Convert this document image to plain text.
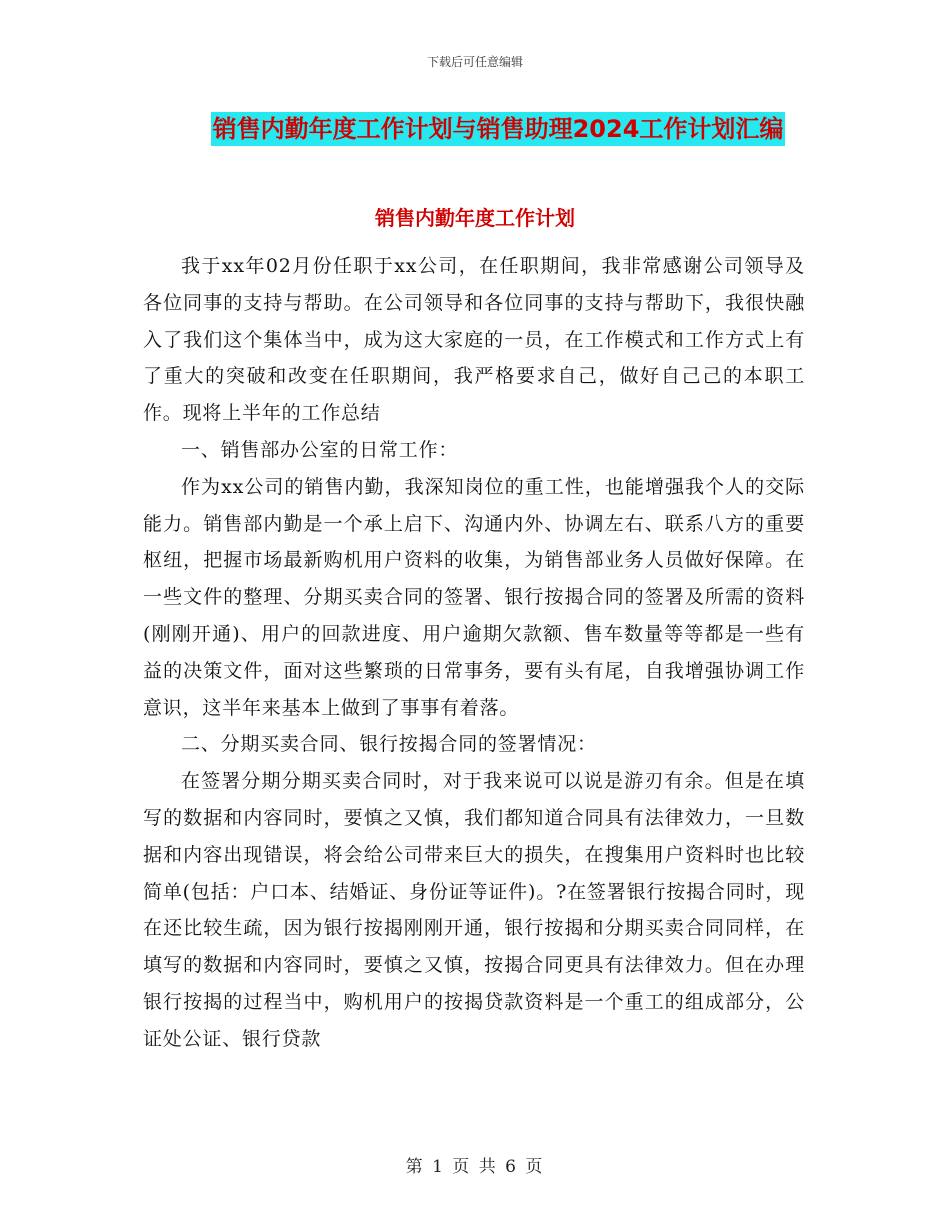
下载后可任意编辑
销售内勤年度工作计划与销售助理2024工作计划汇编
销售内勤年度工作计划

我于xx年02月份任职于xx公司，在任职期间，我非常感谢公司领导及各位同事的支持与帮助。在公司领导和各位同事的支持与帮助下，我很快融入了我们这个集体当中，成为这大家庭的一员，在工作模式和工作方式上有了重大的突破和改变在任职期间，我严格要求自己，做好自己己的本职工作。现将上半年的工作总结

一、销售部办公室的日常工作：

作为xx公司的销售内勤，我深知岗位的重工性，也能增强我个人的交际能力。销售部内勤是一个承上启下、沟通内外、协调左右、联系八方的重要枢纽，把握市场最新购机用户资料的收集，为销售部业务人员做好保障。在一些文件的整理、分期买卖合同的签署、银行按揭合同的签署及所需的资料(刚刚开通)、用户的回款进度、用户逾期欠款额、售车数量等等都是一些有益的决策文件，面对这些繁琐的日常事务，要有头有尾，自我增强协调工作意识，这半年来基本上做到了事事有着落。

二、分期买卖合同、银行按揭合同的签署情况：

在签署分期分期买卖合同时，对于我来说可以说是游刃有余。但是在填写的数据和内容同时，要慎之又慎，我们都知道合同具有法律效力，一旦数据和内容出现错误，将会给公司带来巨大的损失，在搜集用户资料时也比较简单(包括：户口本、结婚证、身份证等证件)。?在签署银行按揭合同时，现在还比较生疏，因为银行按揭刚刚开通，银行按揭和分期买卖合同同样，在填写的数据和内容同时，要慎之又慎，按揭合同更具有法律效力。但在办理银行按揭的过程当中，购机用户的按揭贷款资料是一个重工的组成部分，公证处公证、银行贷款

第 1 页 共 6 页
